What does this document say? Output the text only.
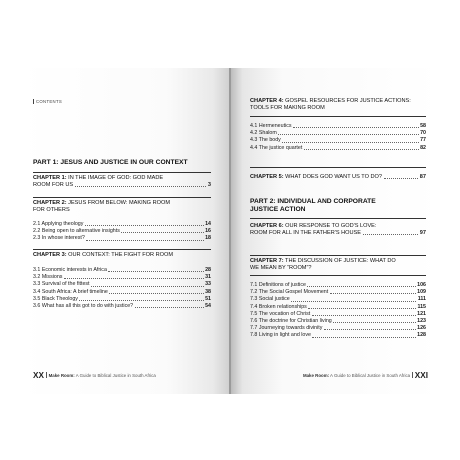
CONTENTS
PART 1: JESUS AND JUSTICE IN OUR CONTEXT
CHAPTER 1: IN THE IMAGE OF GOD: GOD MADE
ROOM FOR US	3
CHAPTER 2: JESUS FROM BELOW: MAKING ROOM
FOR OTHERS
2.1 Applying theology	14
2.2 Being open to alternative insights	16
2.3 In whose interest?	18
CHAPTER 3: OUR CONTEXT: THE FIGHT FOR ROOM
3.1 Economic interests in Africa	28
3.2 Missions	31
3.3 Survival of the fittest	33
3.4 South Africa: A brief timeline	38
3.5 Black Theology	51
3.6 What has all this got to do with justice?	54
XX Make Room: A Guide to Biblical Justice in South Africa
CHAPTER 4: GOSPEL RESOURCES FOR JUSTICE ACTIONS:
TOOLS FOR MAKING ROOM
4.1 Hermeneutics	58
4.2 Shalom	70
4.3 The body	77
4.4 The justice quartet	82
CHAPTER 5: WHAT DOES GOD WANT US TO DO?	87
PART 2: INDIVIDUAL AND CORPORATE
JUSTICE ACTION
CHAPTER 6: OUR RESPONSE TO GOD'S LOVE:
ROOM FOR ALL IN THE FATHER'S HOUSE	97
CHAPTER 7: THE DISCUSSION OF JUSTICE: WHAT DO
WE MEAN BY “ROOM”?
7.1 Definitions of justice	106
7.2 The Social Gospel Movement	109
7.3 Social justice	111
7.4 Broken relationships	115
7.5 The vocation of Christ	121
7.6 The doctrine for Christian living	123
7.7 Journeying towards divinity	126
7.8 Living in light and love	128
Make Room: A Guide to Biblical Justice in South Africa XXI
